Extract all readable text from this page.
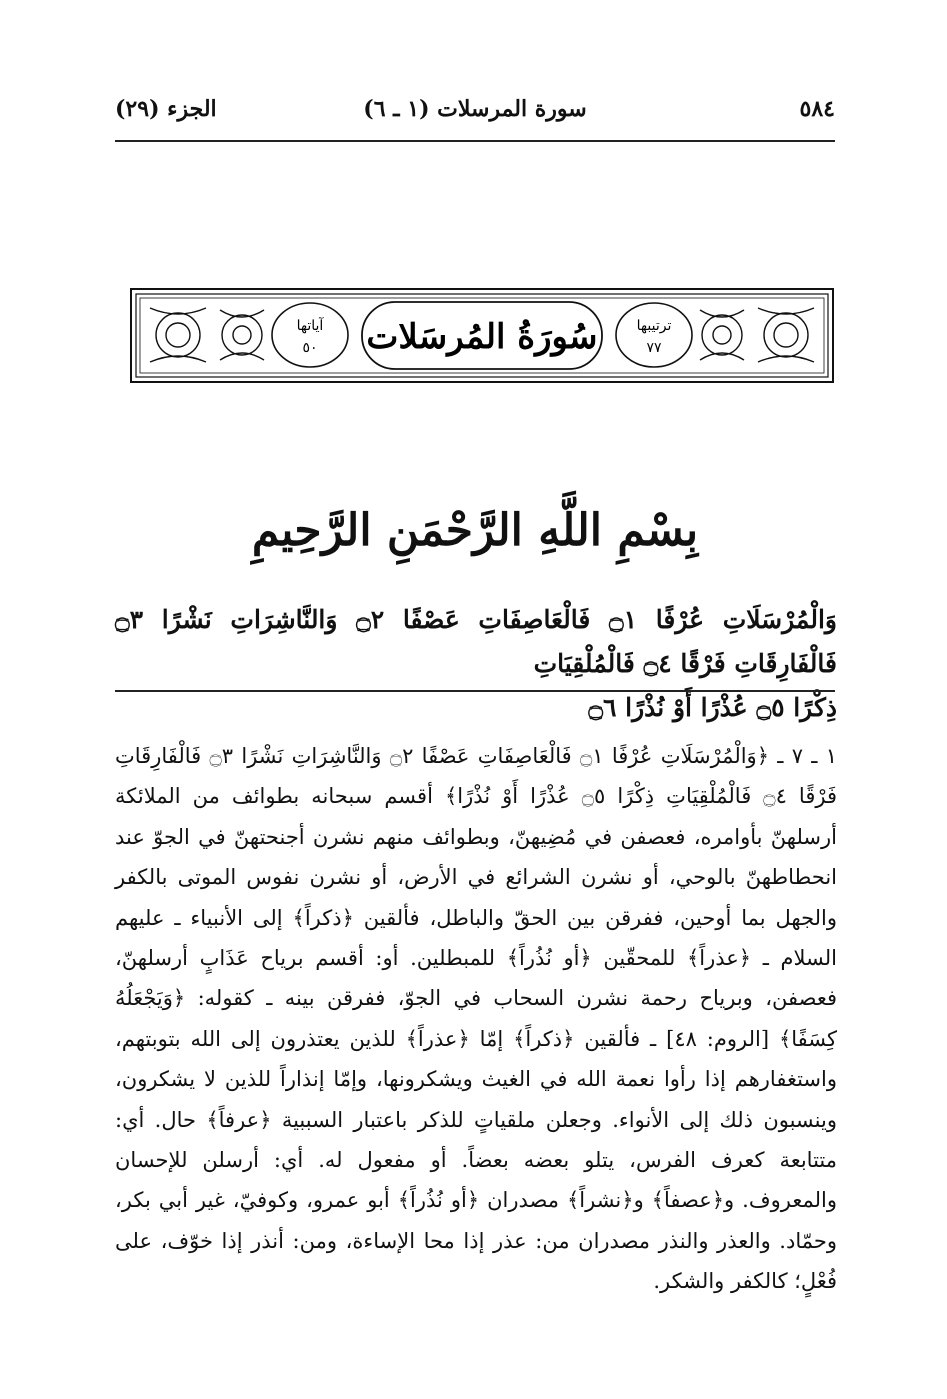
٥٨٤
سورة المرسلات (١ ـ ٦)
الجزء (٢٩)
آياتها
٥٠
ترتيبها
٧٧
سُورَةُ المُرسَلات
بِسْمِ اللَّهِ الرَّحْمَنِ الرَّحِيمِ
وَالْمُرْسَلَاتِ عُرْفًا ۝١ فَالْعَاصِفَاتِ عَصْفًا ۝٢ وَالنَّاشِرَاتِ نَشْرًا ۝٣ فَالْفَارِقَاتِ فَرْقًا ۝٤ فَالْمُلْقِيَاتِ
ذِكْرًا ۝٥ عُذْرًا أَوْ نُذْرًا ۝٦
١ ـ ٧ ـ ﴿وَالْمُرْسَلَاتِ عُرْفًا ۝١ فَالْعَاصِفَاتِ عَصْفًا ۝٢ وَالنَّاشِرَاتِ نَشْرًا ۝٣ فَالْفَارِقَاتِ فَرْقًا ۝٤ فَالْمُلْقِيَاتِ ذِكْرًا ۝٥ عُذْرًا أَوْ نُذْرًا﴾ أقسم سبحانه بطوائف من الملائكة أرسلهنّ بأوامره، فعصفن في مُضِيهنّ، وبطوائف منهم نشرن أجنحتهنّ في الجوّ عند انحطاطهنّ بالوحي، أو نشرن الشرائع في الأرض، أو نشرن نفوس الموتى بالكفر والجهل بما أوحين، ففرقن بين الحقّ والباطل، فألقين ﴿ذكراً﴾ إلى الأنبياء ـ عليهم السلام ـ ﴿عذراً﴾ للمحقّين ﴿أو نُذُراً﴾ للمبطلين. أو: أقسم برياح عَذَابٍ أرسلهنّ، فعصفن، وبرياح رحمة نشرن السحاب في الجوّ، ففرقن بينه ـ كقوله: ﴿وَيَجْعَلُهُ كِسَفًا﴾ [الروم: ٤٨] ـ فألقين ﴿ذكراً﴾ إمّا ﴿عذراً﴾ للذين يعتذرون إلى الله بتوبتهم، واستغفارهم إذا رأوا نعمة الله في الغيث ويشكرونها، وإمّا إنذاراً للذين لا يشكرون، وينسبون ذلك إلى الأنواء. وجعلن ملقياتٍ للذكر باعتبار السببية ﴿عرفاً﴾ حال. أي: متتابعة كعرف الفرس، يتلو بعضه بعضاً. أو مفعول له. أي: أرسلن للإحسان والمعروف. و﴿عصفاً﴾ و﴿نشراً﴾ مصدران ﴿أو نُذُراً﴾ أبو عمرو، وكوفيّ، غير أبي بكر، وحمّاد. والعذر والنذر مصدران من: عذر إذا محا الإساءة، ومن: أنذر إذا خوّف، على فُعْلٍ؛ كالكفر والشكر.
